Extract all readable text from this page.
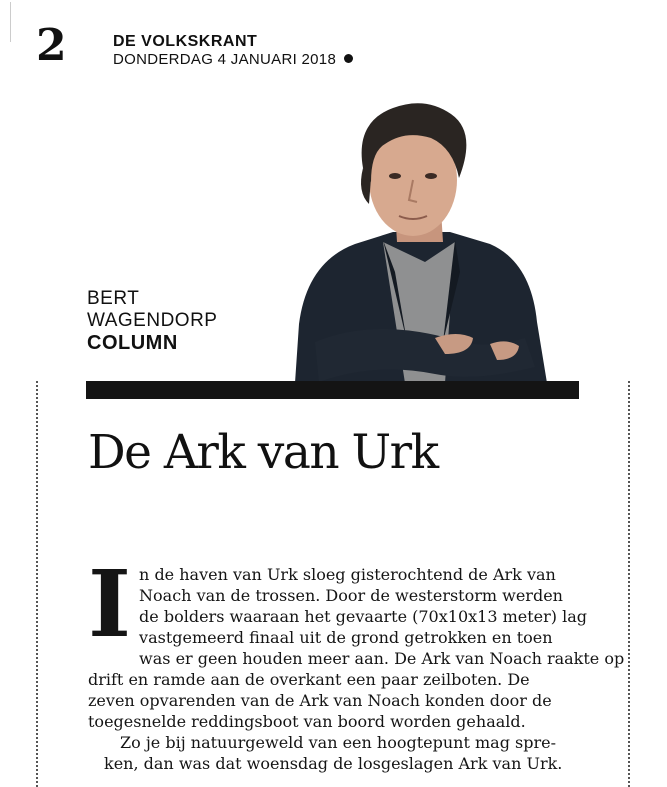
2	DE VOLKSKRANT
DONDERDAG 4 JANUARI 2018
BERT
WAGENDORP
COLUMN
De Ark van Urk
I n de haven van Urk sloeg gisterochtend de Ark van
Noach van de trossen. Door de westerstorm werden
de bolders waaraan het gevaarte (70x10x13 meter) lag
vastgemeerd finaal uit de grond getrokken en toen
was er geen houden meer aan. De Ark van Noach raakte op
drift en ramde aan de overkant een paar zeilboten. De
zeven opvarenden van de Ark van Noach konden door de
toegesnelde reddingsboot van boord worden gehaald.

Zo je bij natuurgeweld van een hoogtepunt mag spre-
ken, dan was dat woensdag de losgeslagen Ark van Urk.
